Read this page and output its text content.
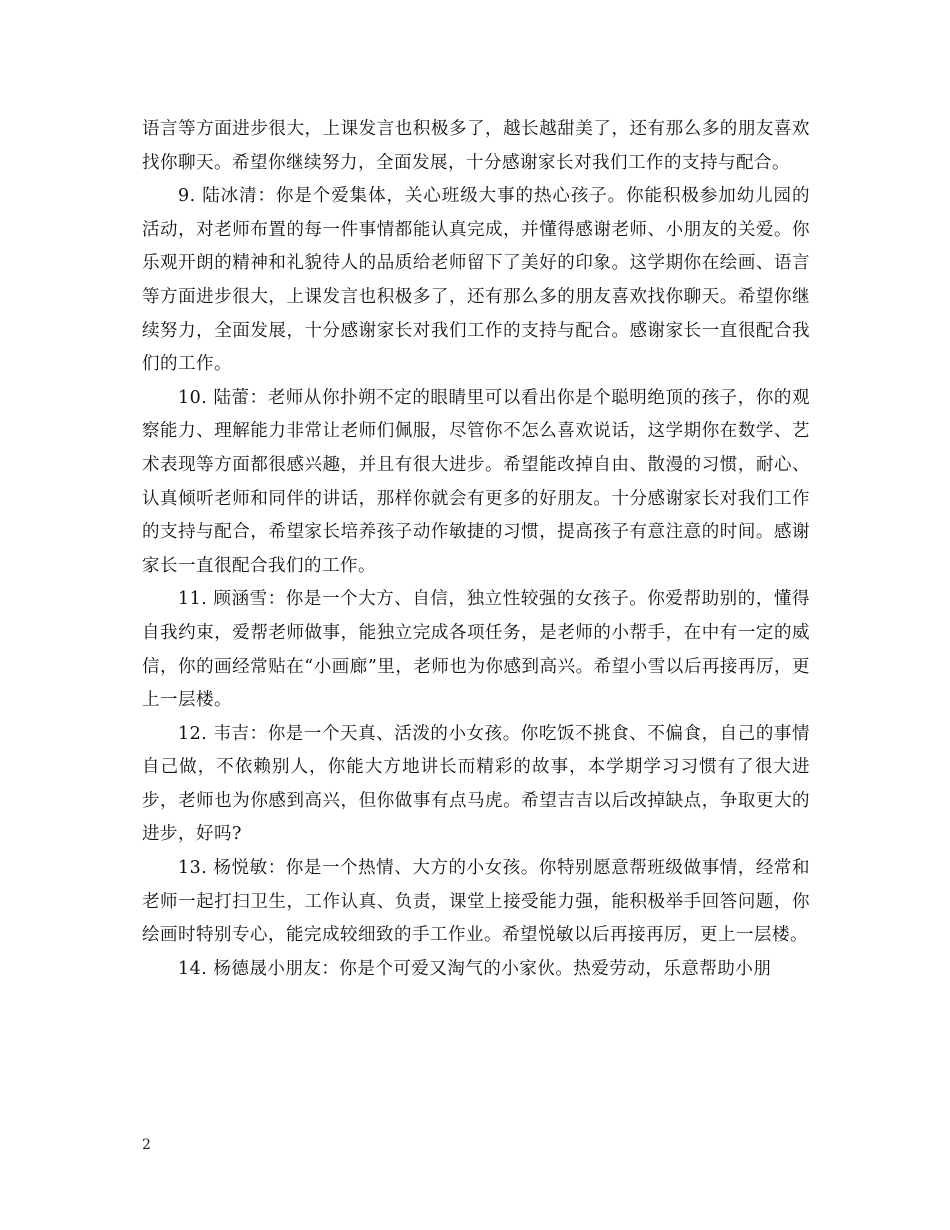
语言等方面进步很大，上课发言也积极多了，越长越甜美了，还有那么多的朋友喜欢找你聊天。希望你继续努力，全面发展，十分感谢家长对我们工作的支持与配合。

9. 陆冰清：你是个爱集体，关心班级大事的热心孩子。你能积极参加幼儿园的活动，对老师布置的每一件事情都能认真完成，并懂得感谢老师、小朋友的关爱。你乐观开朗的精神和礼貌待人的品质给老师留下了美好的印象。这学期你在绘画、语言等方面进步很大，上课发言也积极多了，还有那么多的朋友喜欢找你聊天。希望你继续努力，全面发展，十分感谢家长对我们工作的支持与配合。感谢家长一直很配合我们的工作。

10. 陆蕾：老师从你扑朔不定的眼睛里可以看出你是个聪明绝顶的孩子，你的观察能力、理解能力非常让老师们佩服，尽管你不怎么喜欢说话，这学期你在数学、艺术表现等方面都很感兴趣，并且有很大进步。希望能改掉自由、散漫的习惯，耐心、认真倾听老师和同伴的讲话，那样你就会有更多的好朋友。十分感谢家长对我们工作的支持与配合，希望家长培养孩子动作敏捷的习惯，提高孩子有意注意的时间。感谢家长一直很配合我们的工作。

11. 顾涵雪：你是一个大方、自信，独立性较强的女孩子。你爱帮助别的，懂得自我约束，爱帮老师做事，能独立完成各项任务，是老师的小帮手，在中有一定的威信，你的画经常贴在“小画廊”里，老师也为你感到高兴。希望小雪以后再接再厉，更上一层楼。

12. 韦吉：你是一个天真、活泼的小女孩。你吃饭不挑食、不偏食，自己的事情自己做，不依赖别人，你能大方地讲长而精彩的故事，本学期学习习惯有了很大进步，老师也为你感到高兴，但你做事有点马虎。希望吉吉以后改掉缺点，争取更大的进步，好吗?

13. 杨悦敏：你是一个热情、大方的小女孩。你特别愿意帮班级做事情，经常和老师一起打扫卫生，工作认真、负责，课堂上接受能力强，能积极举手回答问题，你绘画时特别专心，能完成较细致的手工作业。希望悦敏以后再接再厉，更上一层楼。

14. 杨德晟小朋友：你是个可爱又淘气的小家伙。热爱劳动，乐意帮助小朋

2
